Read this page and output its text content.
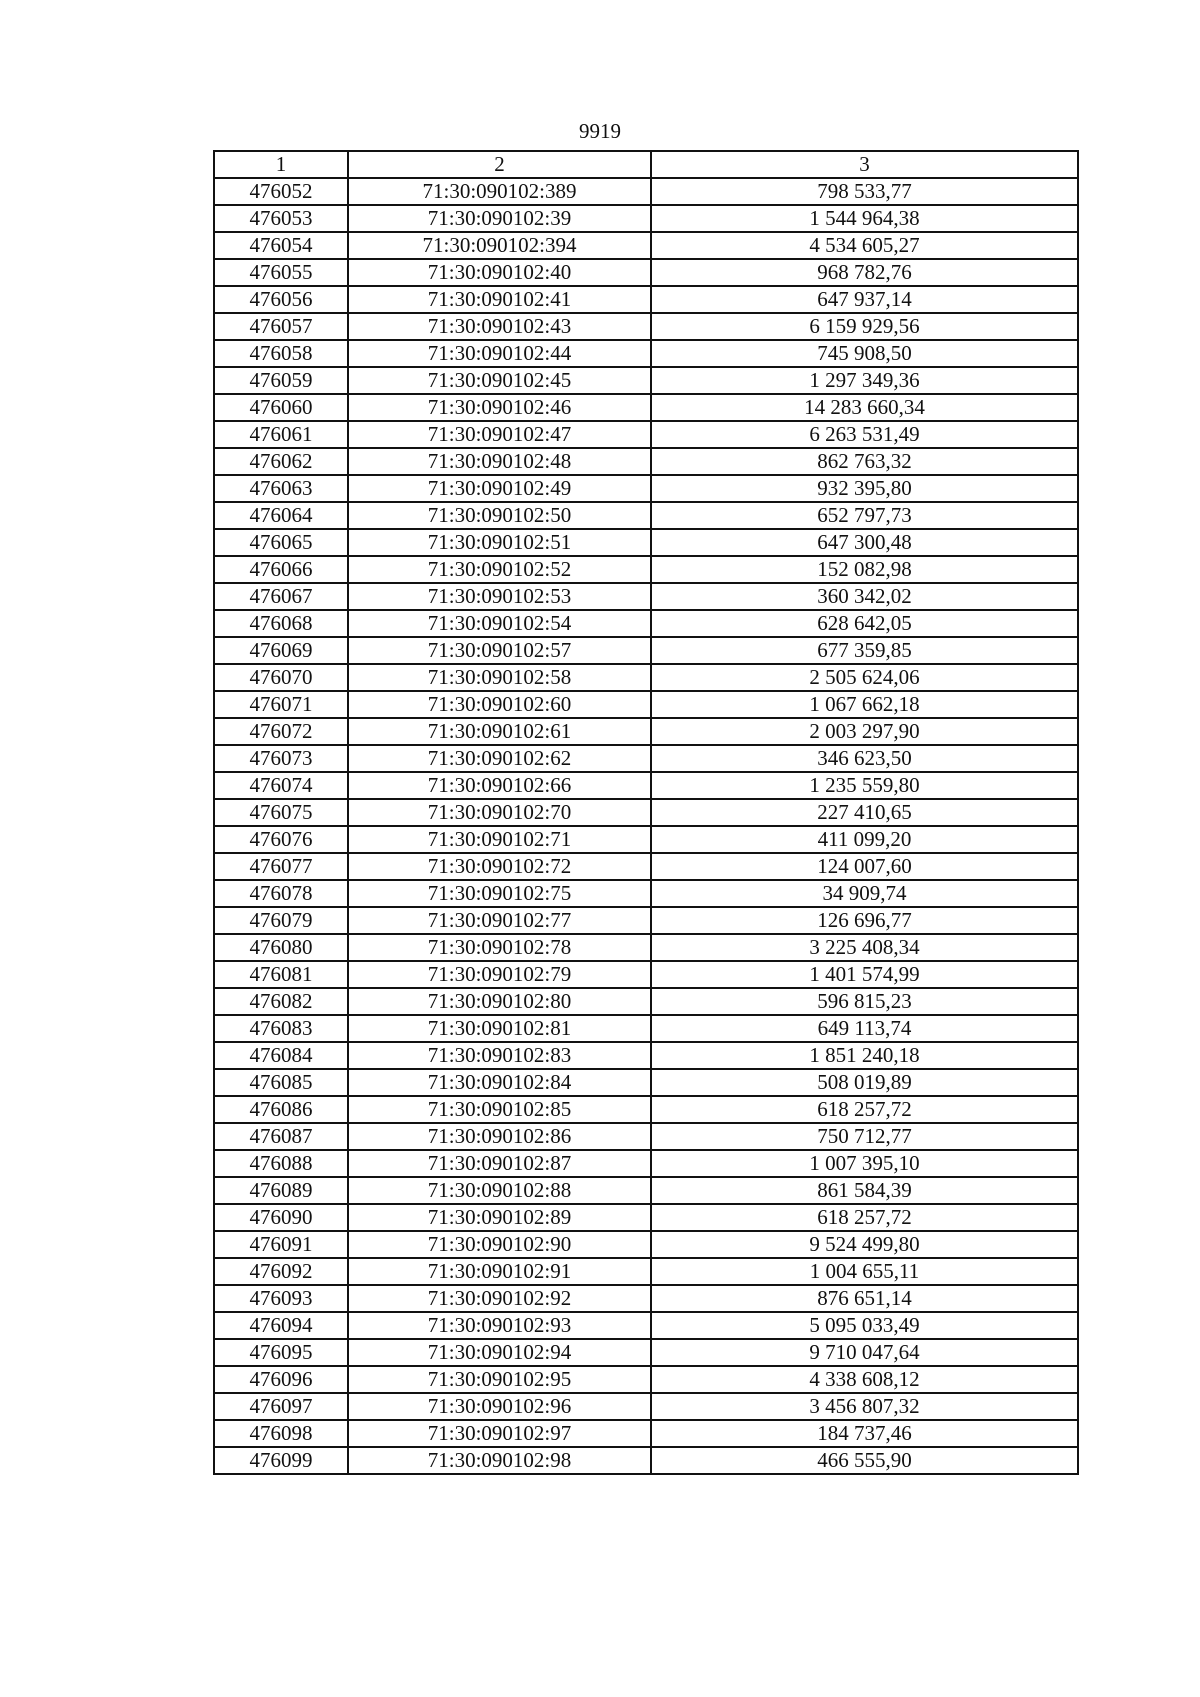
9919
1	2	3
476052	71:30:090102:389	798 533,77
476053	71:30:090102:39	1 544 964,38
476054	71:30:090102:394	4 534 605,27
476055	71:30:090102:40	968 782,76
476056	71:30:090102:41	647 937,14
476057	71:30:090102:43	6 159 929,56
476058	71:30:090102:44	745 908,50
476059	71:30:090102:45	1 297 349,36
476060	71:30:090102:46	14 283 660,34
476061	71:30:090102:47	6 263 531,49
476062	71:30:090102:48	862 763,32
476063	71:30:090102:49	932 395,80
476064	71:30:090102:50	652 797,73
476065	71:30:090102:51	647 300,48
476066	71:30:090102:52	152 082,98
476067	71:30:090102:53	360 342,02
476068	71:30:090102:54	628 642,05
476069	71:30:090102:57	677 359,85
476070	71:30:090102:58	2 505 624,06
476071	71:30:090102:60	1 067 662,18
476072	71:30:090102:61	2 003 297,90
476073	71:30:090102:62	346 623,50
476074	71:30:090102:66	1 235 559,80
476075	71:30:090102:70	227 410,65
476076	71:30:090102:71	411 099,20
476077	71:30:090102:72	124 007,60
476078	71:30:090102:75	34 909,74
476079	71:30:090102:77	126 696,77
476080	71:30:090102:78	3 225 408,34
476081	71:30:090102:79	1 401 574,99
476082	71:30:090102:80	596 815,23
476083	71:30:090102:81	649 113,74
476084	71:30:090102:83	1 851 240,18
476085	71:30:090102:84	508 019,89
476086	71:30:090102:85	618 257,72
476087	71:30:090102:86	750 712,77
476088	71:30:090102:87	1 007 395,10
476089	71:30:090102:88	861 584,39
476090	71:30:090102:89	618 257,72
476091	71:30:090102:90	9 524 499,80
476092	71:30:090102:91	1 004 655,11
476093	71:30:090102:92	876 651,14
476094	71:30:090102:93	5 095 033,49
476095	71:30:090102:94	9 710 047,64
476096	71:30:090102:95	4 338 608,12
476097	71:30:090102:96	3 456 807,32
476098	71:30:090102:97	184 737,46
476099	71:30:090102:98	466 555,90
